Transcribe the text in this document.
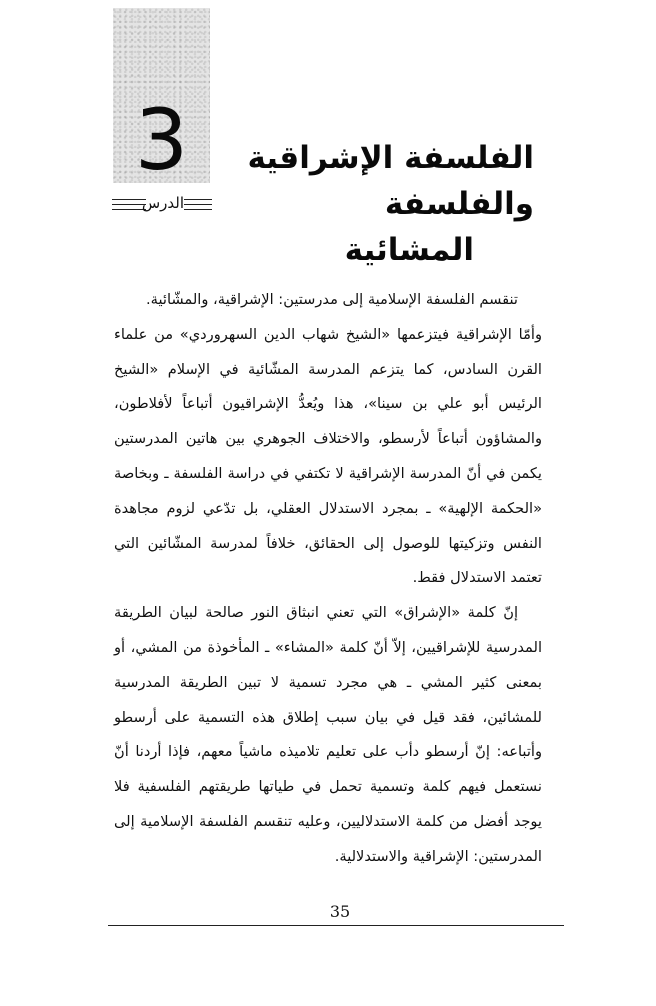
3
الدرس
الفلسفة الإشراقية والفلسفة
المشائية

تنقسم الفلسفة الإسلامية إلى مدرستين: الإشراقية، والمشّائية.

وأمّا الإشراقية فيتزعمها «الشيخ شهاب الدين السهروردي» من علماء القرن السادس، كما يتزعم المدرسة المشّائية في الإسلام «الشيخ الرئيس أبو علي بن سينا»، هذا ويُعدُّ الإشراقيون أتباعاً لأفلاطون، والمشاؤون أتباعاً لأرسطو، والاختلاف الجوهري بين هاتين المدرستين يكمن في أنّ المدرسة الإشراقية لا تكتفي في دراسة الفلسفة ـ وبخاصة «الحكمة الإلهية» ـ بمجرد الاستدلال العقلي، بل تدّعي لزوم مجاهدة النفس وتزكيتها للوصول إلى الحقائق، خلافاً لمدرسة المشّائين التي تعتمد الاستدلال فقط.

إنّ كلمة «الإشراق» التي تعني انبثاق النور صالحة لبيان الطريقة المدرسية للإشراقيين، إلاّ أنّ كلمة «المشاء» ـ المأخوذة من المشي، أو بمعنى كثير المشي ـ هي مجرد تسمية لا تبين الطريقة المدرسية للمشائين، فقد قيل في بيان سبب إطلاق هذه التسمية على أرسطو وأتباعه: إنّ أرسطو دأب على تعليم تلاميذه ماشياً معهم، فإذا أردنا أنّ نستعمل فيهم كلمة وتسمية تحمل في طياتها طريقتهم الفلسفية فلا يوجد أفضل من كلمة الاستدلاليين، وعليه تنقسم الفلسفة الإسلامية إلى المدرستين: الإشراقية والاستدلالية.

35
